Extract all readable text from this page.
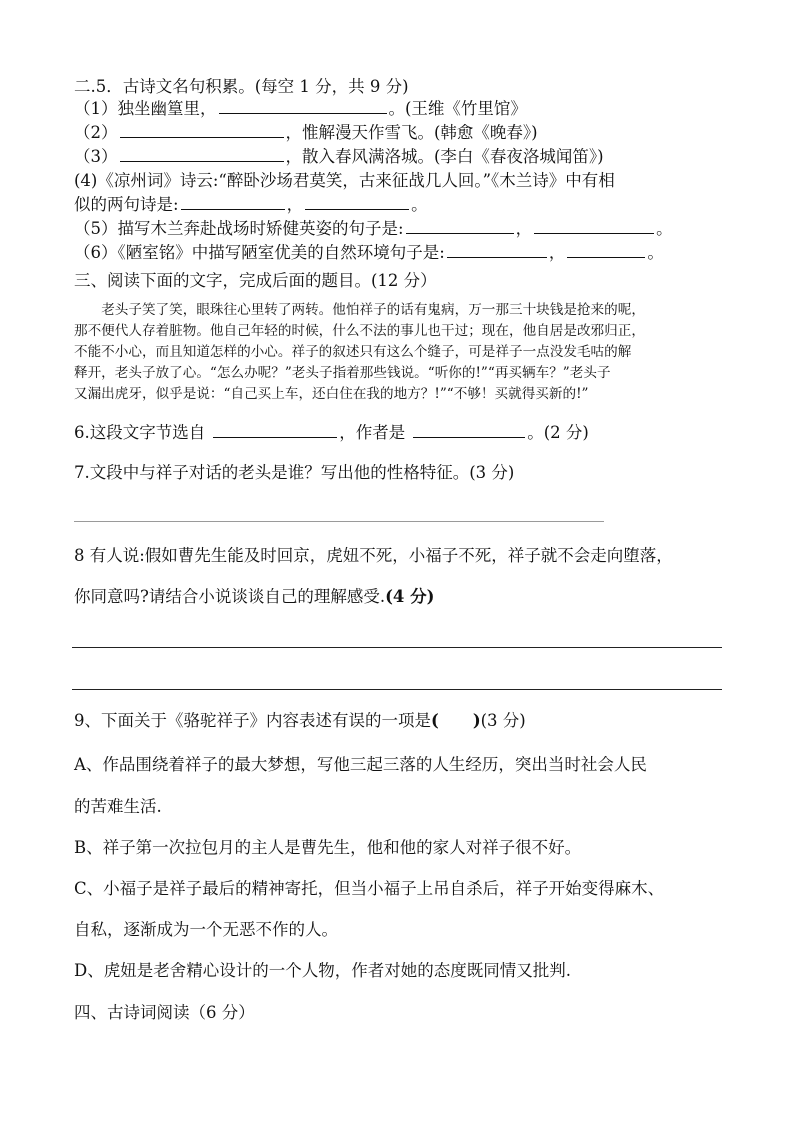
二.5．古诗文名句积累。(每空 1 分，共 9 分)
（1）独坐幽篁里，	。(王维《竹里馆》
（2）	，惟解漫天作雪飞。(韩愈《晚春》)
（3）	，散入春风满洛城。(李白《春夜洛城闻笛》)
(4)《凉州词》诗云:“醉卧沙场君莫笑，古来征战几人回。”《木兰诗》中有相
似的两句诗是:	，	。
（5）描写木兰奔赴战场时矫健英姿的句子是:	，	。
（6）《陋室铭》中描写陋室优美的自然环境句子是:	，	。
三、阅读下面的文字，完成后面的题目。(12 分）

老头子笑了笑，眼珠往心里转了两转。他怕祥子的话有鬼病，万一那三十块钱是抢来的呢，

那不便代人存着脏物。他自己年轻的时候，什么不法的事儿也干过；现在，他自居是改邪归正，

不能不小心，而且知道怎样的小心。祥子的叙述只有这么个缝子，可是祥子一点没发毛咕的解

释开，老头子放了心。“怎么办呢？”老头子指着那些钱说。“听你的!”“再买辆车？”老头子

又漏出虎牙，似乎是说：“自己买上车，还白住在我的地方？!”“不够！买就得买新的!”

6.这段文字节选自	，作者是	。(2 分)
7.文段中与祥子对话的老头是谁？写出他的性格特征。(3 分)
8 有人说:假如曹先生能及时回京，虎妞不死，小福子不死，祥子就不会走向堕落，
你同意吗?请结合小说谈谈自己的理解感受.(4 分)
9、下面关于《骆驼祥子》内容表述有误的一项是( )(3 分)
A、作品围绕着祥子的最大梦想，写他三起三落的人生经历，突出当时社会人民
的苦难生活.
B、祥子第一次拉包月的主人是曹先生，他和他的家人对祥子很不好。
C、小福子是祥子最后的精神寄托，但当小福子上吊自杀后，祥子开始变得麻木、
自私，逐渐成为一个无恶不作的人。
D、虎妞是老舍精心设计的一个人物，作者对她的态度既同情又批判.
四、古诗词阅读（6 分）
